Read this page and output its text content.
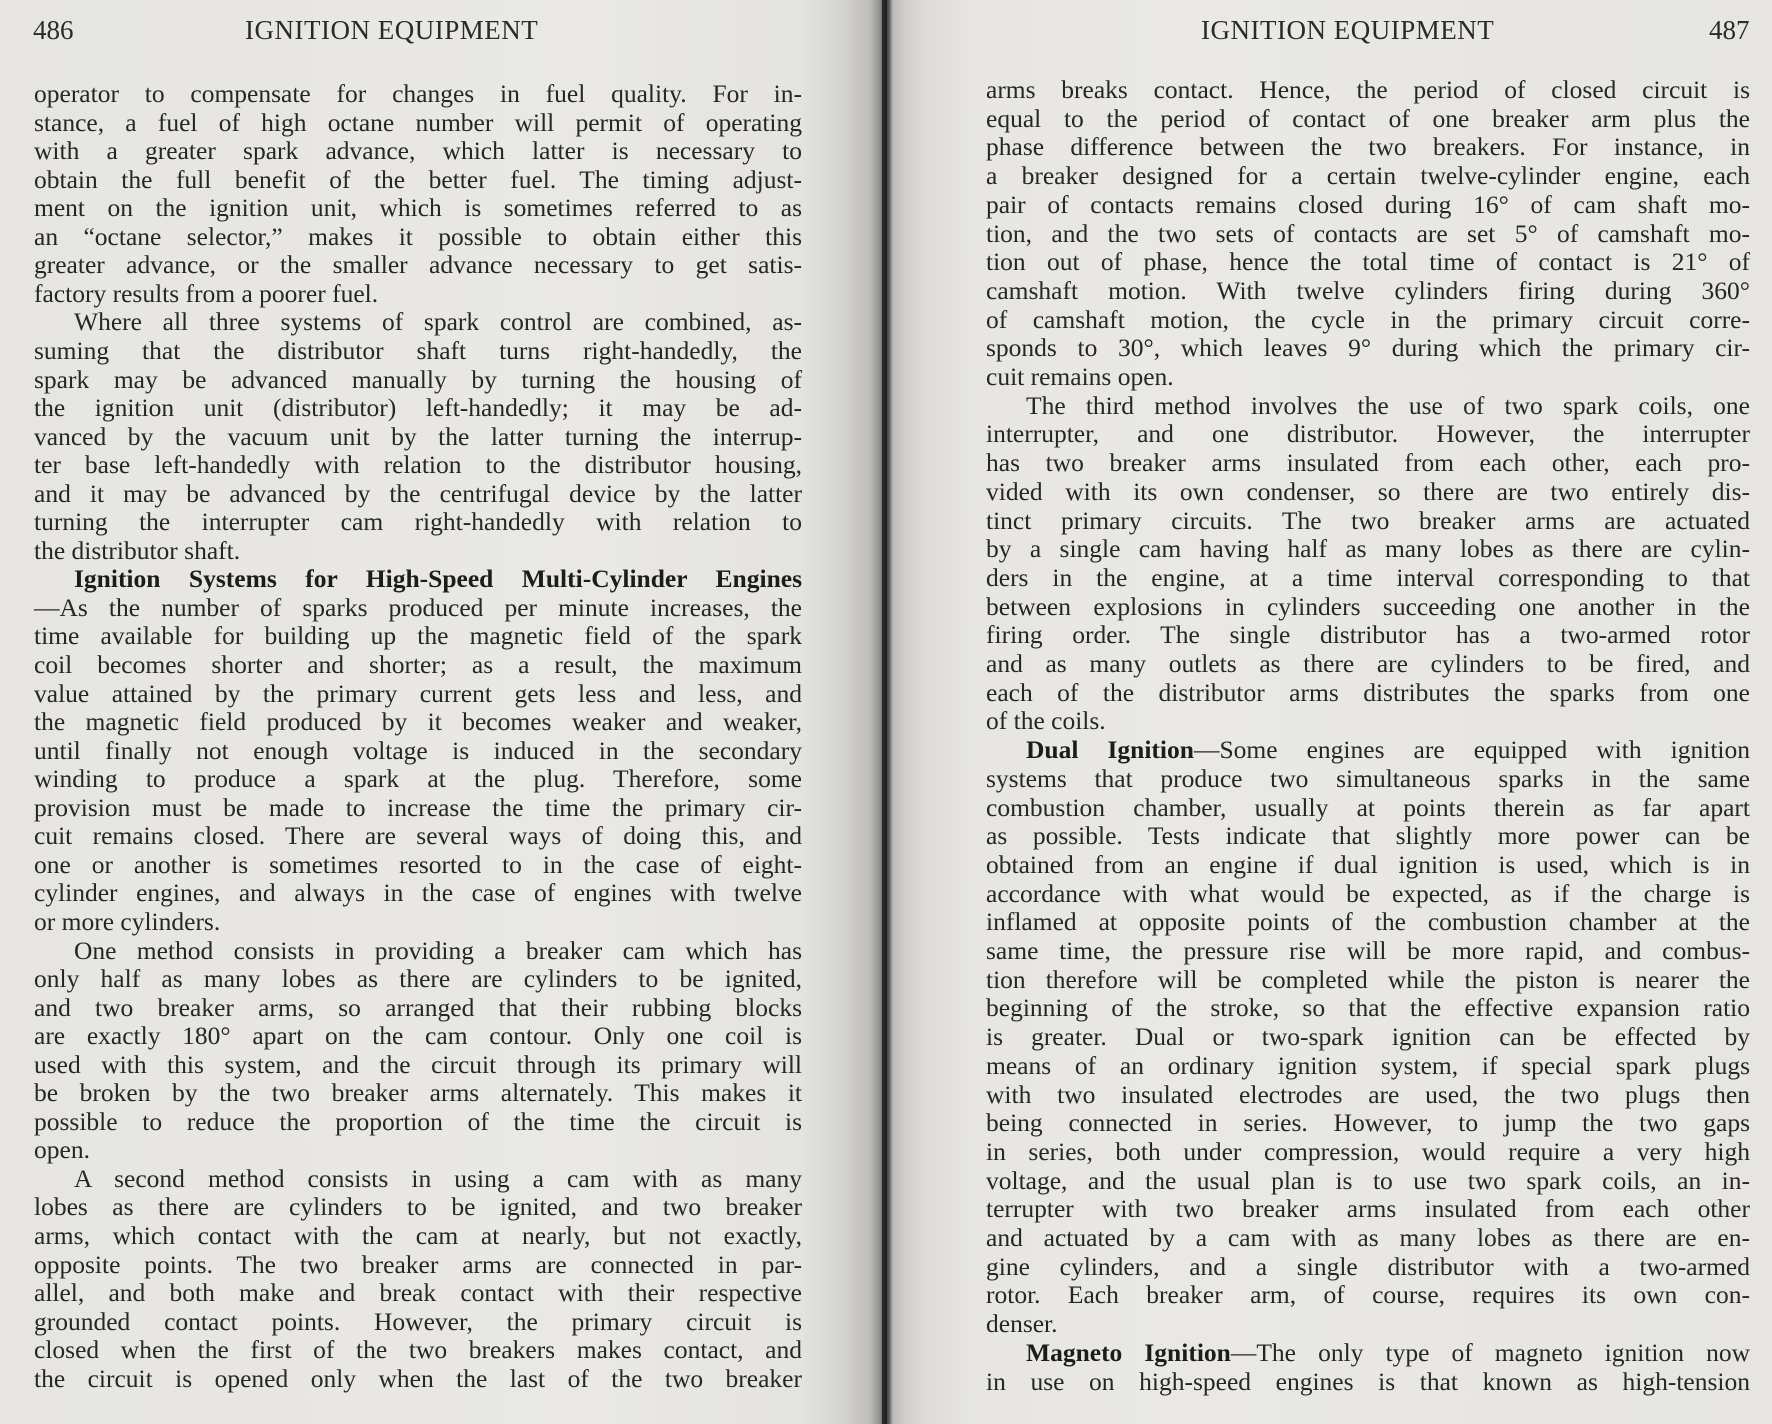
486	IGNITION EQUIPMENT
operator to compensate for changes in fuel quality. For in-
stance, a fuel of high octane number will permit of operating
with a greater spark advance, which latter is necessary to
obtain the full benefit of the better fuel. The timing adjust-
ment on the ignition unit, which is sometimes referred to as
an “octane selector,” makes it possible to obtain either this
greater advance, or the smaller advance necessary to get satis-
factory results from a poorer fuel.
Where all three systems of spark control are combined, as-
suming that the distributor shaft turns right-handedly, the
spark may be advanced manually by turning the housing of
the ignition unit (distributor) left-handedly; it may be ad-
vanced by the vacuum unit by the latter turning the interrup-
ter base left-handedly with relation to the distributor housing,
and it may be advanced by the centrifugal device by the latter
turning the interrupter cam right-handedly with relation to
the distributor shaft.
Ignition Systems for High-Speed Multi-Cylinder Engines
—As the number of sparks produced per minute increases, the
time available for building up the magnetic field of the spark
coil becomes shorter and shorter; as a result, the maximum
value attained by the primary current gets less and less, and
the magnetic field produced by it becomes weaker and weaker,
until finally not enough voltage is induced in the secondary
winding to produce a spark at the plug. Therefore, some
provision must be made to increase the time the primary cir-
cuit remains closed. There are several ways of doing this, and
one or another is sometimes resorted to in the case of eight-
cylinder engines, and always in the case of engines with twelve
or more cylinders.
One method consists in providing a breaker cam which has
only half as many lobes as there are cylinders to be ignited,
and two breaker arms, so arranged that their rubbing blocks
are exactly 180° apart on the cam contour. Only one coil is
used with this system, and the circuit through its primary will
be broken by the two breaker arms alternately. This makes it
possible to reduce the proportion of the time the circuit is
open.
A second method consists in using a cam with as many
lobes as there are cylinders to be ignited, and two breaker
arms, which contact with the cam at nearly, but not exactly,
opposite points. The two breaker arms are connected in par-
allel, and both make and break contact with their respective
grounded contact points. However, the primary circuit is
closed when the first of the two breakers makes contact, and
the circuit is opened only when the last of the two breaker
IGNITION EQUIPMENT	487
arms breaks contact. Hence, the period of closed circuit is
equal to the period of contact of one breaker arm plus the
phase difference between the two breakers. For instance, in
a breaker designed for a certain twelve-cylinder engine, each
pair of contacts remains closed during 16° of cam shaft mo-
tion, and the two sets of contacts are set 5° of camshaft mo-
tion out of phase, hence the total time of contact is 21° of
camshaft motion. With twelve cylinders firing during 360°
of camshaft motion, the cycle in the primary circuit corre-
sponds to 30°, which leaves 9° during which the primary cir-
cuit remains open.
The third method involves the use of two spark coils, one
interrupter, and one distributor. However, the interrupter
has two breaker arms insulated from each other, each pro-
vided with its own condenser, so there are two entirely dis-
tinct primary circuits. The two breaker arms are actuated
by a single cam having half as many lobes as there are cylin-
ders in the engine, at a time interval corresponding to that
between explosions in cylinders succeeding one another in the
firing order. The single distributor has a two-armed rotor
and as many outlets as there are cylinders to be fired, and
each of the distributor arms distributes the sparks from one
of the coils.
Dual Ignition—Some engines are equipped with ignition
systems that produce two simultaneous sparks in the same
combustion chamber, usually at points therein as far apart
as possible. Tests indicate that slightly more power can be
obtained from an engine if dual ignition is used, which is in
accordance with what would be expected, as if the charge is
inflamed at opposite points of the combustion chamber at the
same time, the pressure rise will be more rapid, and combus-
tion therefore will be completed while the piston is nearer the
beginning of the stroke, so that the effective expansion ratio
is greater. Dual or two-spark ignition can be effected by
means of an ordinary ignition system, if special spark plugs
with two insulated electrodes are used, the two plugs then
being connected in series. However, to jump the two gaps
in series, both under compression, would require a very high
voltage, and the usual plan is to use two spark coils, an in-
terrupter with two breaker arms insulated from each other
and actuated by a cam with as many lobes as there are en-
gine cylinders, and a single distributor with a two-armed
rotor. Each breaker arm, of course, requires its own con-
denser.
Magneto Ignition—The only type of magneto ignition now
in use on high-speed engines is that known as high-tension
